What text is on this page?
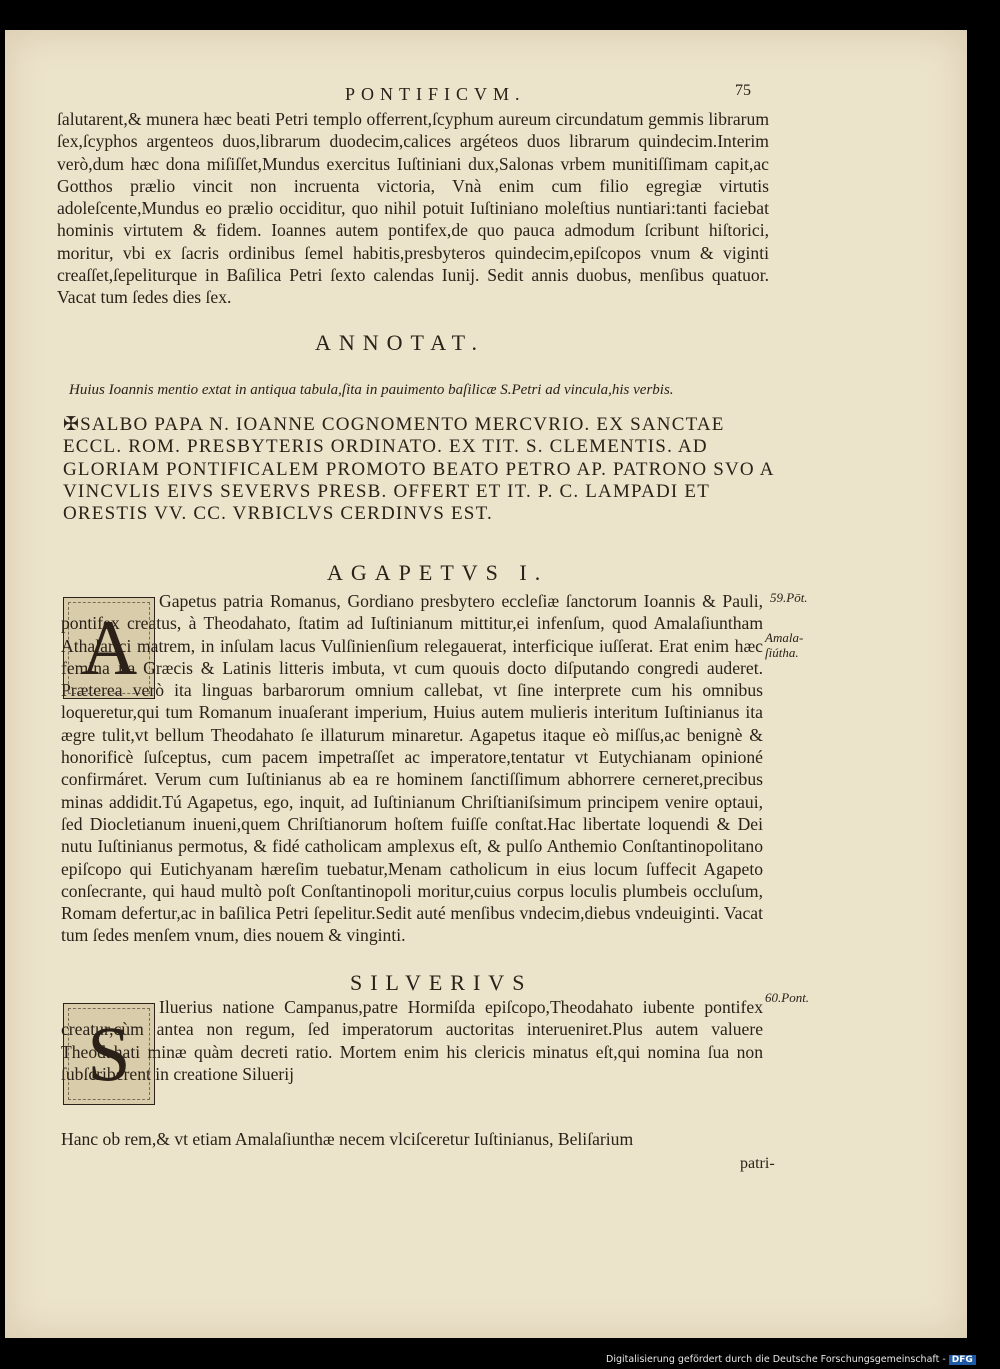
PONTIFICVM.	75
ſalutarent,& munera hæc beati Petri templo offerrent,ſcyphum aureum circundatum gemmis librarum ſex,ſcyphos argenteos duos,librarum duodecim,calices argéteos duos librarum quindecim.Interim verò,dum hæc dona miſiſſet,Mundus exercitus Iuſtiniani dux,Salonas vrbem munitiſſimam capit,ac Gotthos prælio vincit non incruenta victoria, Vnà enim cum filio egregiæ virtutis adoleſcente,Mundus eo prælio occiditur, quo nihil potuit Iuſtiniano moleſtius nuntiari:tanti faciebat hominis virtutem & fidem. Ioannes autem pontifex,de quo pauca admodum ſcribunt hiſtorici, moritur, vbi ex ſacris ordinibus ſemel habitis,presbyteros quindecim,epiſcopos vnum & viginti creaſſet,ſepeliturque in Baſilica Petri ſexto calendas Iunij. Sedit annis duobus, menſibus quatuor. Vacat tum ſedes dies ſex.
ANNOTAT.
Huius Ioannis mentio extat in antiqua tabula,ſita in pauimento baſilicæ S.Petri ad vincula,his verbis.
✠SALBO PAPA N. IOANNE COGNOMENTO MERCVRIO. EX SANCTAE ECCL. ROM. PRESBYTERIS ORDINATO. EX TIT. S. CLEMENTIS. AD GLORIAM PONTIFICALEM PROMOTO BEATO PETRO AP. PATRONO SVO A VINCVLIS EIVS SEVERVS PRESB. OFFERT ET IT. P. C. LAMPADI ET ORESTIS VV. CC. VRBICLVS CERDINVS EST.
AGAPETVS I.
A
Gapetus patria Romanus, Gordiano presbytero eccleſiæ ſanctorum Ioannis & Pauli, pontifex creatus, à Theodahato, ſtatim ad Iuſtinianum mittitur,ei infenſum, quod Amalaſiuntham Athalarici matrem, in inſulam lacus Vulſinienſium relegauerat, interficique iuſſerat. Erat enim hæc femina ita Græcis & Latinis litteris imbuta, vt cum quouis docto diſputando congredi auderet. Præterea verò ita linguas barbarorum omnium callebat, vt ſine interprete cum his omnibus loqueretur,qui tum Romanum inuaſerant imperium, Huius autem mulieris interitum Iuſtinianus ita ægre tulit,vt bellum Theodahato ſe illaturum minaretur. Agapetus itaque eò miſſus,ac benignè & honorificè ſuſceptus, cum pacem impetraſſet ac imperatore,tentatur vt Eutychianam opinioné confirmáret. Verum cum Iuſtinianus ab ea re hominem ſanctiſſimum abhorrere cerneret,precibus minas addidit.Tú Agapetus, ego, inquit, ad Iuſtinianum Chriſtianiſsimum principem venire optaui, ſed Diocletianum inueni,quem Chriſtianorum hoſtem fuiſſe conſtat.Hac libertate loquendi & Dei nutu Iuſtinianus permotus, & fidé catholicam amplexus eſt, & pulſo Anthemio Conſtantinopolitano epiſcopo qui Eutichyanam hæreſim tuebatur,Menam catholicum in eius locum ſuffecit Agapeto conſecrante, qui haud multò poſt Conſtantinopoli moritur,cuius corpus loculis plumbeis occluſum, Romam defertur,ac in baſilica Petri ſepelitur.Sedit auté menſibus vndecim,diebus vndeuiginti. Vacat tum ſedes menſem vnum, dies nouem & vinginti.
59.Pōt.
Amala-ſiútha.
SILVERIVS
60.Pont.
S
Iluerius natione Campanus,patre Hormiſda epiſcopo,Theodahato iubente pontifex creatur,cùm antea non regum, ſed imperatorum auctoritas interueniret.Plus autem valuere Theodahati minæ quàm decreti ratio. Mortem enim his clericis minatus eſt,qui nomina ſua non ſubſcriberent in creatione Siluerij
Hanc ob rem,& vt etiam Amalaſiunthæ necem vlciſceretur Iuſtinianus, Beliſarium
patri-
Digitalisierung gefördert durch die Deutsche Forschungsgemeinschaft - DFG
